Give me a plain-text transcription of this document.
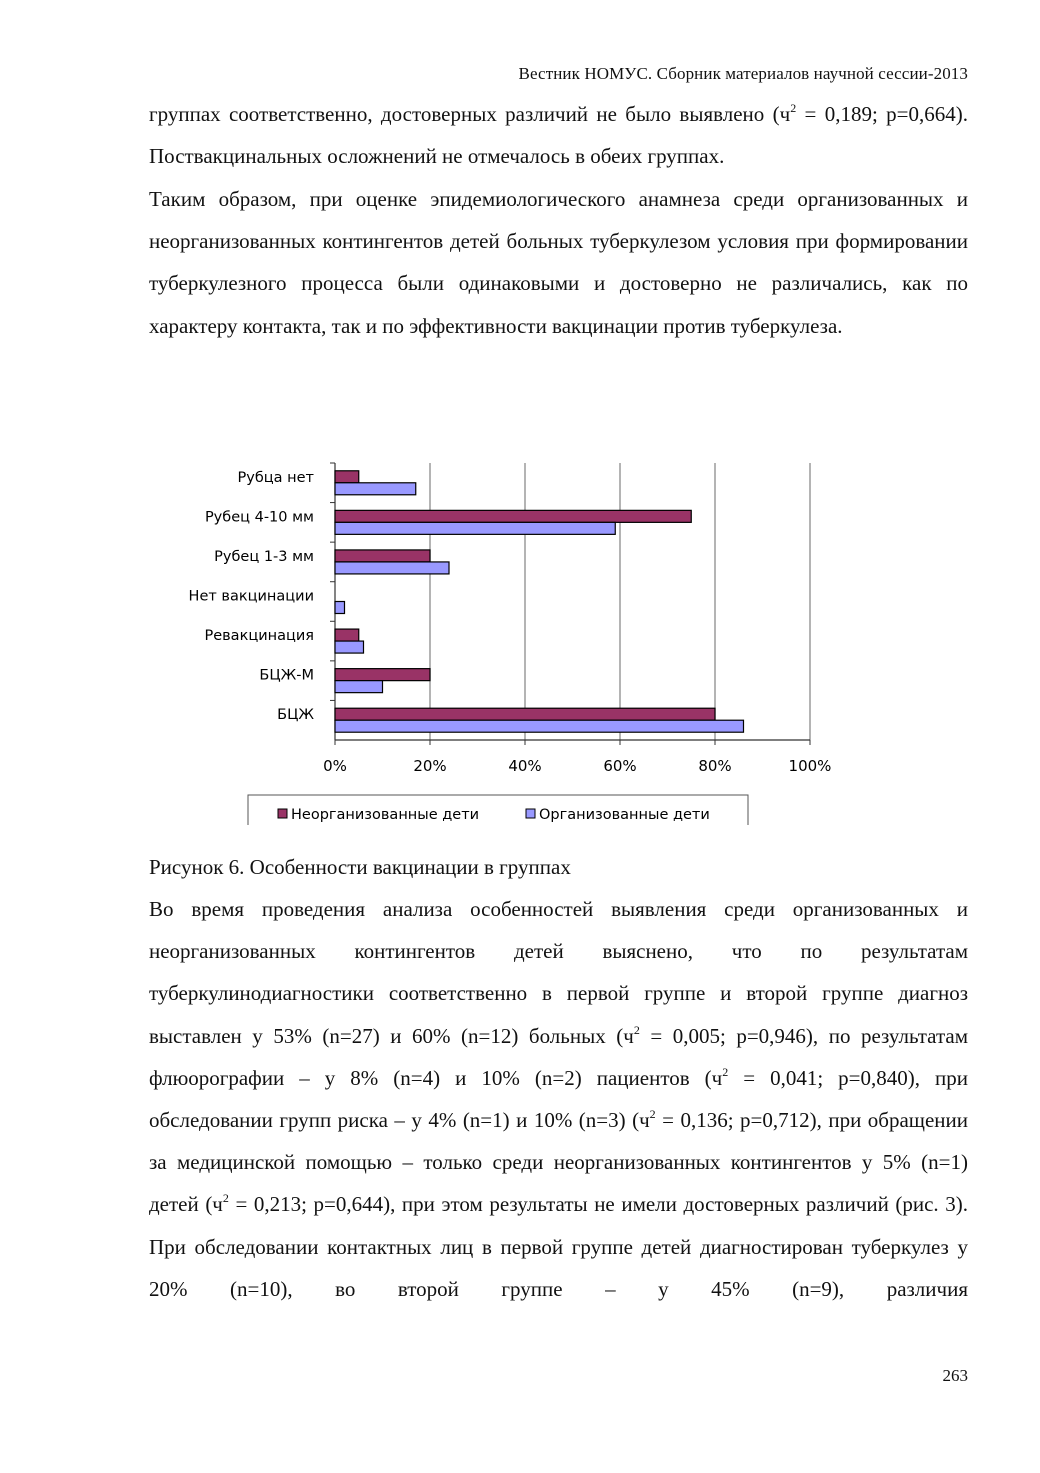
Вестник НОМУС. Сборник материалов научной сессии-2013

группах соответственно, достоверных различий не было выявлено ($ч^2 = 0,189$; p=0,664). Поствакцинальных осложнений не отмечалось в обеих группах.

Таким образом, при оценке эпидемиологического анамнеза среди организованных и неорганизованных контингентов детей больных туберкулезом условия при формировании туберкулезного процесса были одинаковыми и достоверно не различались, как по характеру контакта, так и по эффективности вакцинации против туберкулеза.

0%	20%	40%	60%	80%	100%
Рубца нет
Рубец 4-10 мм
Рубец 1-3 мм
Нет вакцинации
Ревакцинация
БЦЖ-М
БЦЖ
Неорганизованные дети	Организованные дети

Рисунок 6. Особенности вакцинации в группах

Во время проведения анализа особенностей выявления среди организованных и неорганизованных контингентов детей выяснено, что по результатам туберкулинодиагностики соответственно в первой группе и второй группе диагноз выставлен у 53% (n=27) и 60% (n=12) больных ($ч^2 = 0,005$; p=0,946), по результатам флюорографии – у 8% (n=4) и 10% (n=2) пациентов ($ч^2 = 0,041$; p=0,840), при обследовании групп риска – у 4% (n=1) и 10% (n=3) ($ч^2 = 0,136$; p=0,712), при обращении за медицинской помощью – только среди неорганизованных контингентов у 5% (n=1) детей ($ч^2 = 0,213$; p=0,644), при этом результаты не имели достоверных различий (рис. 3). При обследовании контактных лиц в первой группе детей диагностирован туберкулез у 20% (n=10), во второй группе – у 45% (n=9), различия

263
